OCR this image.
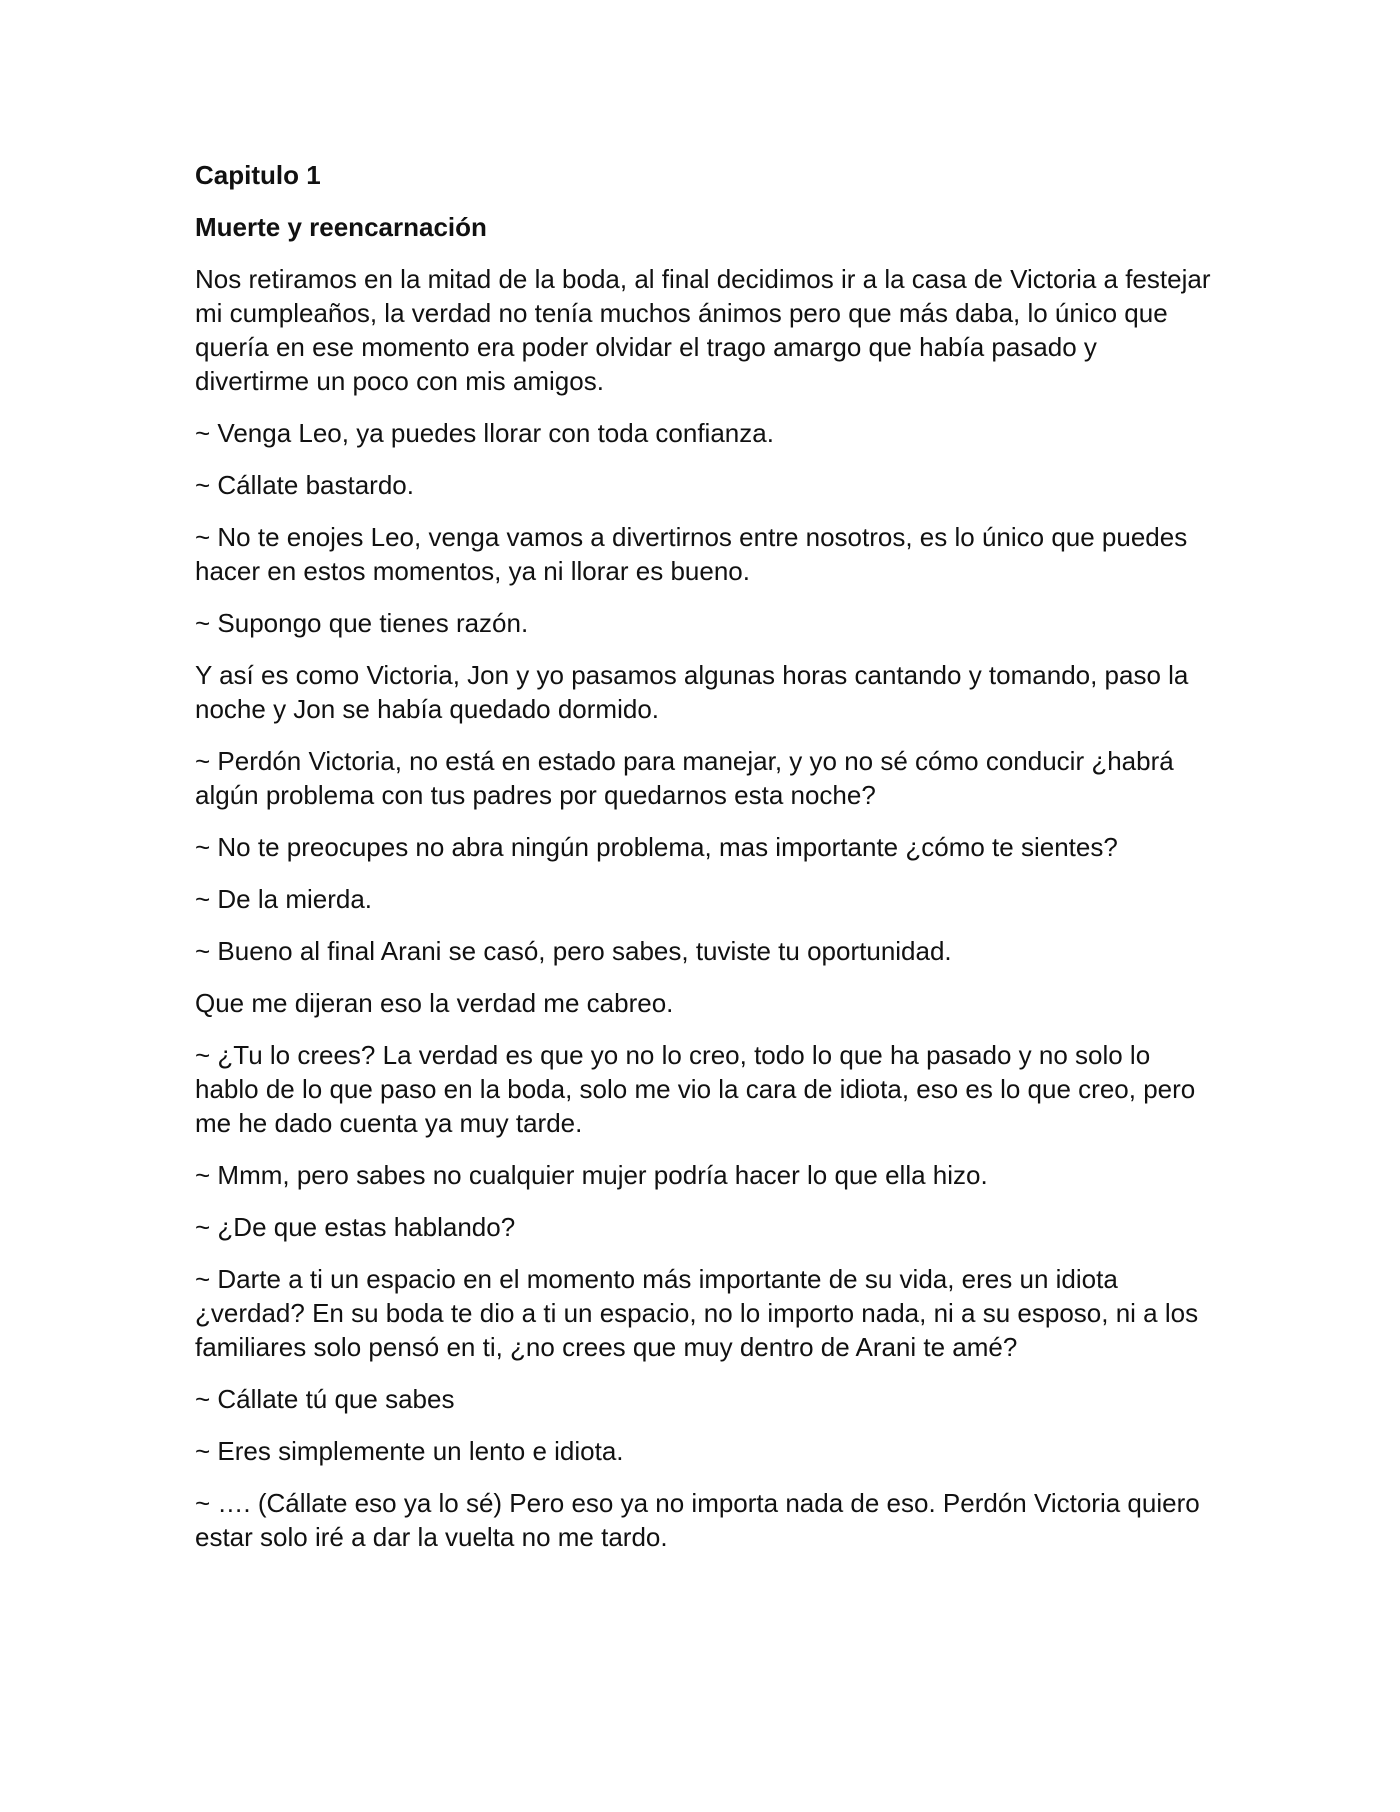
Capitulo 1
Muerte y reencarnación

Nos retiramos en la mitad de la boda, al final decidimos ir a la casa de Victoria a festejar mi cumpleaños, la verdad no tenía muchos ánimos pero que más daba, lo único que quería en ese momento era poder olvidar el trago amargo que había pasado y divertirme un poco con mis amigos.

~ Venga Leo, ya puedes llorar con toda confianza.

~ Cállate bastardo.

~ No te enojes Leo, venga vamos a divertirnos entre nosotros, es lo único que puedes hacer en estos momentos, ya ni llorar es bueno.

~ Supongo que tienes razón.

Y así es como Victoria, Jon y yo pasamos algunas horas cantando y tomando, paso la noche y Jon se había quedado dormido.

~ Perdón Victoria, no está en estado para manejar, y yo no sé cómo conducir ¿habrá algún problema con tus padres por quedarnos esta noche?

~ No te preocupes no abra ningún problema, mas importante ¿cómo te sientes?

~ De la mierda.

~ Bueno al final Arani se casó, pero sabes, tuviste tu oportunidad.

Que me dijeran eso la verdad me cabreo.

~ ¿Tu lo crees? La verdad es que yo no lo creo, todo lo que ha pasado y no solo lo hablo de lo que paso en la boda, solo me vio la cara de idiota, eso es lo que creo, pero me he dado cuenta ya muy tarde.

~ Mmm, pero sabes no cualquier mujer podría hacer lo que ella hizo.

~ ¿De que estas hablando?

~ Darte a ti un espacio en el momento más importante de su vida, eres un idiota ¿verdad? En su boda te dio a ti un espacio, no lo importo nada, ni a su esposo, ni a los familiares solo pensó en ti, ¿no crees que muy dentro de Arani te amé?

~ Cállate tú que sabes

~ Eres simplemente un lento e idiota.

~ …. (Cállate eso ya lo sé) Pero eso ya no importa nada de eso. Perdón Victoria quiero estar solo iré a dar la vuelta no me tardo.
